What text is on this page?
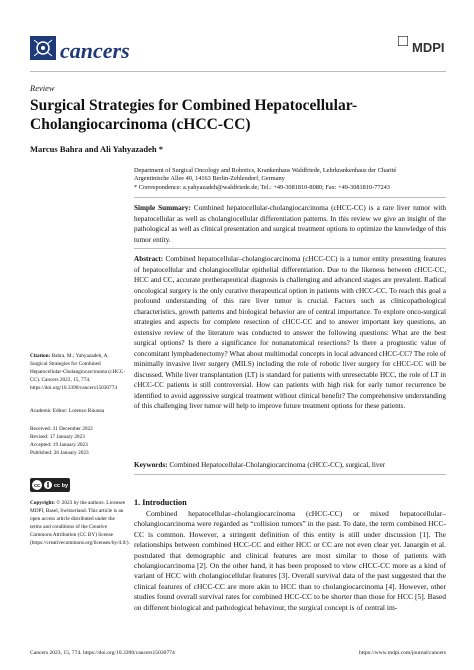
cancers	MDPI
Review
Surgical Strategies for Combined Hepatocellular-Cholangiocarcinoma (cHCC-CC)
Marcus Bahra and Ali Yahyazadeh *
Department of Surgical Oncology and Robotics, Krankenhaus Waldfriede, Lehrkrankenhaus der Charité
Argentinische Allee 40, 14163 Berlin-Zehlendorf, Germany
* Correspondence: a.yahyazadeh@waldfriede.de; Tel.: +49-3081810-8080; Fax: +49-3081810-77243
Simple Summary: Combined hepatocellular-cholangiocarcinoma (cHCC-CC) is a rare liver tumor with hepatocellular as well as cholangiocellular differentiation patterns. In this review we give an insight of the pathological as well as clinical presentation and surgical treatment options to optimize the knowledge of this tumor entity.
Abstract: Combined hepatocellular–cholangiocarcinoma (cHCC-CC) is a tumor entity presenting features of hepatocellular and cholangiocellular epithelial differentiation. Due to the likeness between cHCC-CC, HCC and CC, accurate pretherapeutical diagnosis is challenging and advanced stages are prevalent. Radical oncological surgery is the only curative therapeutical option in patients with cHCC-CC. To reach this goal a profound understanding of this rare liver tumor is crucial. Factors such as clinicopathological characteristics, growth patterns and biological behavior are of central importance. To explore onco-surgical strategies and aspects for complete resection of cHCC-CC and to answer important key questions, an extensive review of the literature was conducted to answer the following questions: What are the best surgical options? Is there a significance for nonanatomical resections? Is there a prognostic value of concomitant lymphadenectomy? What about multimodal concepts in local advanced cHCC-CC? The role of minimally invasive liver surgery (MILS) including the role of robotic liver surgery for cHCC-CC will be discussed. While liver transplantation (LT) is standard for patients with unresectable HCC, the role of LT in cHCC-CC patients is still controversial. How can patients with high risk for early tumor recurrence be identified to avoid aggressive surgical treatment without clinical benefit? The comprehensive understanding of this challenging liver tumor will help to improve future treatment options for these patients.
Keywords: Combined Hepatocellular-Cholangiocarcinoma (cHCC-CC), surgical, liver
Citation: Bahra, M.; Yahyazadeh, A. Surgical Strategies for Combined Hepatocellular-Cholangiocarcinoma (cHCC-CC). Cancers 2023, 15, 774. https://doi.org/10.3390/cancers15030774
Academic Editor: Lorenzo Rinassa
Received: 31 December 2022
Revised: 17 January 2023
Accepted: 19 January 2023
Published: 26 January 2023
cc	cc by
Copyright: © 2023 by the authors. Licensee MDPI, Basel, Switzerland. This article is an open access article distributed under the terms and conditions of the Creative Commons Attribution (CC BY) license (https://creativecommons.org/licenses/by/4.0/).
1. Introduction
Combined hepatocellular–cholangiocarcinoma (cHCC-CC) or mixed hepatocellular–cholangiocarcinoma were regarded as “collision tumors” in the past. To date, the term combined HCC-CC is common. However, a stringent definition of this entity is still under discussion [1]. The relationships between combined HCC-CC and either HCC or CC are not even clear yet. Janargin et al. postulated that demographic and clinical features are most similar to those of patients with cholangiocarcinoma [2]. On the other hand, it has been proposed to view cHCC-CC more as a kind of variant of HCC with cholangiocellular features [3]. Overall survival data of the past suggested that the clinical features of cHCC-CC are more akin to HCC than to cholangiocarcinoma [4]. However, other studies found overall survival rates for combined HCC-CC to be shorter than those for HCC [5]. Based on different biological and pathological behaviour, the surgical concept is of central im-
Cancers 2023, 15, 774. https://doi.org/10.3390/cancers15030774	https://www.mdpi.com/journal/cancers
